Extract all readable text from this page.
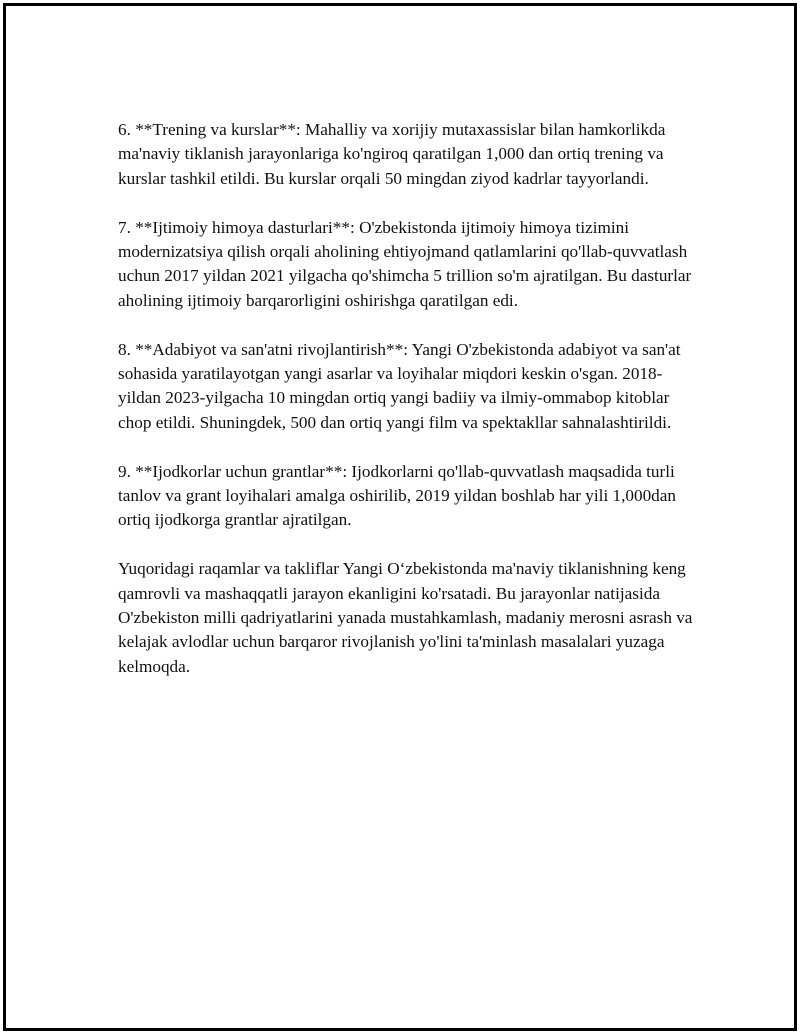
6. **Trening va kurslar**: Mahalliy va xorijiy mutaxassislar bilan hamkorlikda ma'naviy tiklanish jarayonlariga ko'ngiroq qaratilgan 1,000 dan ortiq trening va kurslar tashkil etildi. Bu kurslar orqali 50 mingdan ziyod kadrlar tayyorlandi.

7. **Ijtimoiy himoya dasturlari**: O'zbekistonda ijtimoiy himoya tizimini modernizatsiya qilish orqali aholining ehtiyojmand qatlamlarini qo'llab-quvvatlash uchun 2017 yildan 2021 yilgacha qo'shimcha 5 trillion so'm ajratilgan. Bu dasturlar aholining ijtimoiy barqarorligini oshirishga qaratilgan edi.

8. **Adabiyot va san'atni rivojlantirish**: Yangi O'zbekistonda adabiyot va san'at sohasida yaratilayotgan yangi asarlar va loyihalar miqdori keskin o'sgan. 2018-yildan 2023-yilgacha 10 mingdan ortiq yangi badiiy va ilmiy-ommabop kitoblar chop etildi. Shuningdek, 500 dan ortiq yangi film va spektakllar sahnalashtirildi.

9. **Ijodkorlar uchun grantlar**: Ijodkorlarni qo'llab-quvvatlash maqsadida turli tanlov va grant loyihalari amalga oshirilib, 2019 yildan boshlab har yili 1,000dan ortiq ijodkorga grantlar ajratilgan.

Yuqoridagi raqamlar va takliflar Yangi O‘zbekistonda ma'naviy tiklanishning keng qamrovli va mashaqqatli jarayon ekanligini ko'rsatadi. Bu jarayonlar natijasida O'zbekiston milli qadriyatlarini yanada mustahkamlash, madaniy merosni asrash va kelajak avlodlar uchun barqaror rivojlanish yo'lini ta'minlash masalalari yuzaga kelmoqda.
